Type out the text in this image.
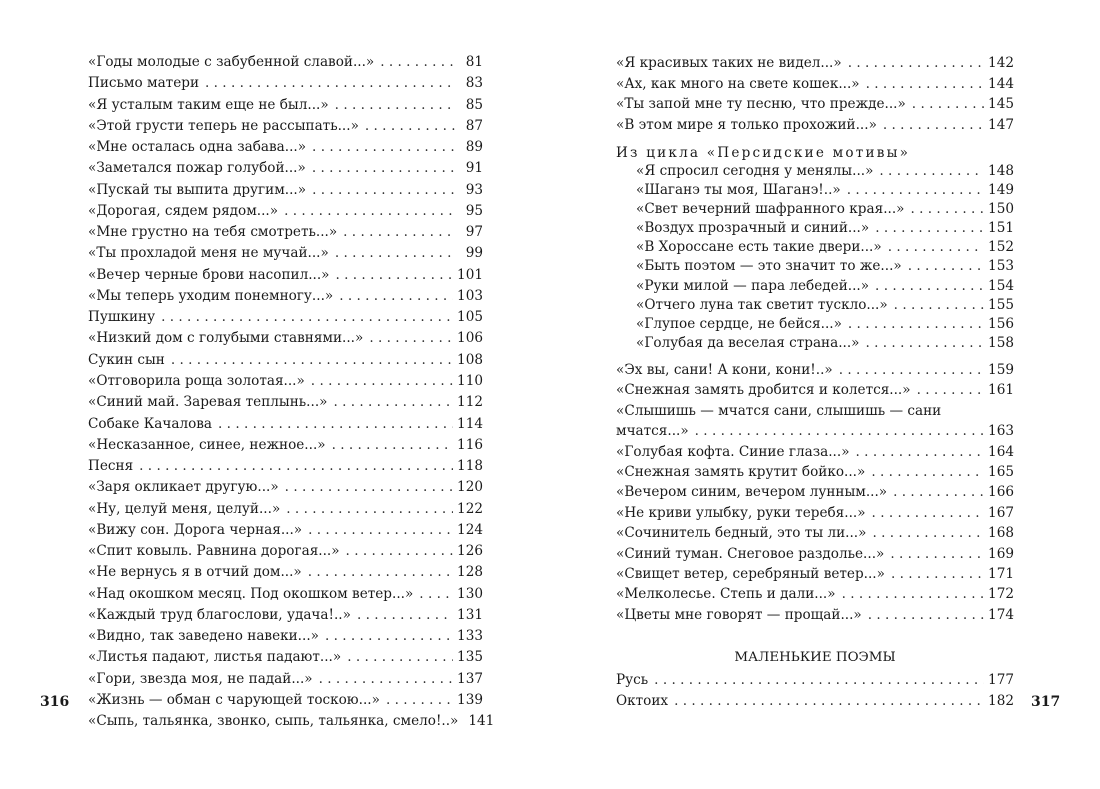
«Годы молодые с забубенной славой...» . . .	81
Письмо матери . . .	83
«Я усталым таким еще не был...» . . .	85
«Этой грусти теперь не рассыпать...» . . .	87
«Мне осталась одна забава...» . . .	89
«Заметался пожар голубой...» . . .	91
«Пускай ты выпита другим...» . . .	93
«Дорогая, сядем рядом...» . . .	95
«Мне грустно на тебя смотреть...» . . .	97
«Ты прохладой меня не мучай...» . . .	99
«Вечер черные брови насопил...» . . .	101
«Мы теперь уходим понемногу...» . . .	103
Пушкину . . .	105
«Низкий дом с голубыми ставнями...» . . .	106
Сукин сын . . .	108
«Отговорила роща золотая...» . . .	110
«Синий май. Заревая теплынь...» . . .	112
Собаке Качалова . . .	114
«Несказанное, синее, нежное...» . . .	116
Песня . . .	118
«Заря окликает другую...» . . .	120
«Ну, целуй меня, целуй...» . . .	122
«Вижу сон. Дорога черная...» . . .	124
«Спит ковыль. Равнина дорогая...» . . .	126
«Не вернусь я в отчий дом...» . . .	128
«Над окошком месяц. Под окошком ветер...» . . .	130
«Каждый труд благослови, удача!..» . . .	131
«Видно, так заведено навеки...» . . .	133
«Листья падают, листья падают...» . . .	135
«Гори, звезда моя, не падай...» . . .	137
«Жизнь — обман с чарующей тоскою...» . . .	139
«Сыпь, тальянка, звонко, сыпь, тальянка, смело!..» 141
316
«Я красивых таких не видел...» . . .	142
«Ах, как много на свете кошек...» . . .	144
«Ты запой мне ту песню, что прежде...» . . .	145
«В этом мире я только прохожий...» . . .	147
Из цикла «Персидские мотивы»
«Я спросил сегодня у менялы...» . . .	148
«Шаганэ ты моя, Шаганэ!..» . . .	149
«Свет вечерний шафранного края...» . . .	150
«Воздух прозрачный и синий...» . . .	151
«В Хороссане есть такие двери...» . . .	152
«Быть поэтом — это значит то же...» . . .	153
«Руки милой — пара лебедей...» . . .	154
«Отчего луна так светит тускло...» . . .	155
«Глупое сердце, не бейся...» . . .	156
«Голубая да веселая страна...» . . .	158
«Эх вы, сани! А кони, кони!..» . . .	159
«Снежная замять дробится и колется...» . . .	161
«Слышишь — мчатся сани, слышишь — сани
мчатся...» . . .	163
«Голубая кофта. Синие глаза...» . . .	164
«Снежная замять крутит бойко...» . . .	165
«Вечером синим, вечером лунным...» . . .	166
«Не криви улыбку, руки теребя...» . . .	167
«Сочинитель бедный, это ты ли...» . . .	168
«Синий туман. Снеговое раздолье...» . . .	169
«Свищет ветер, серебряный ветер...» . . .	171
«Мелколесье. Степь и дали...» . . .	172
«Цветы мне говорят — прощай...» . . .	174
МАЛЕНЬКИЕ ПОЭМЫ
Русь . . .	177
Октоих . . .	182 317
